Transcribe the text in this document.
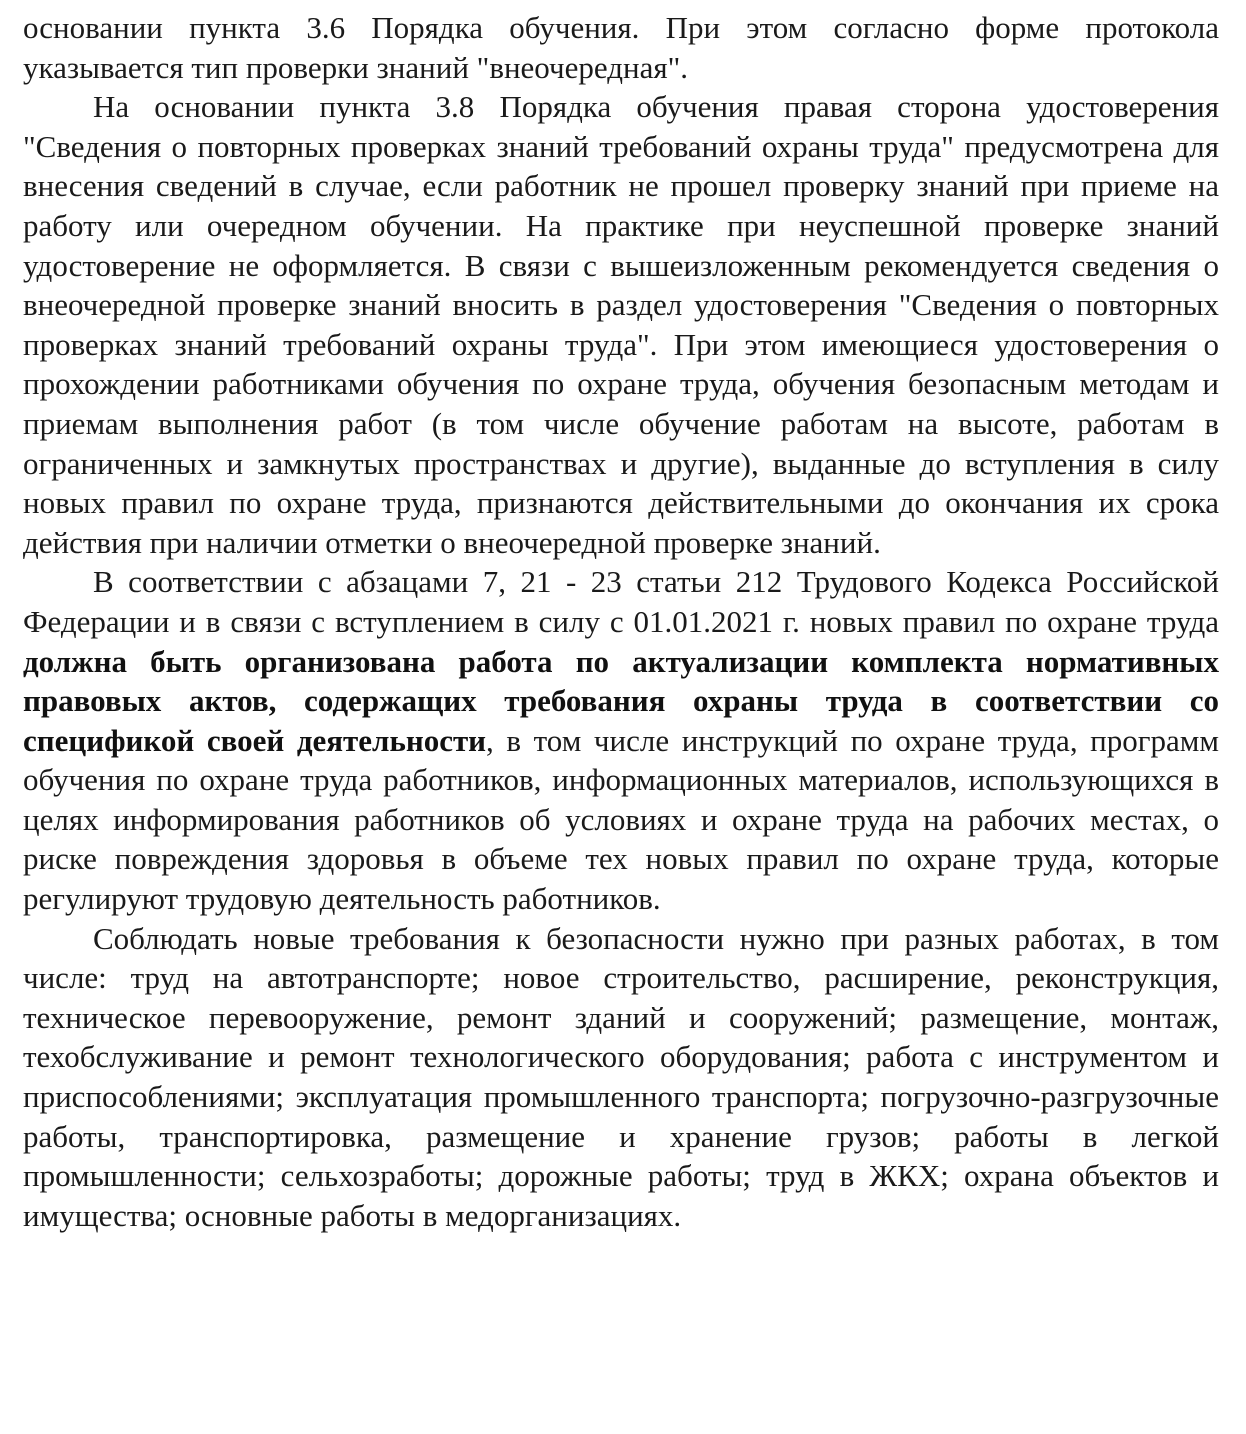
основании пункта 3.6 Порядка обучения. При этом согласно форме протокола указывается тип проверки знаний "внеочередная".

На основании пункта 3.8 Порядка обучения правая сторона удостоверения "Сведения о повторных проверках знаний требований охраны труда" предусмотрена для внесения сведений в случае, если работник не прошел проверку знаний при приеме на работу или очередном обучении. На практике при неуспешной проверке знаний удостоверение не оформляется. В связи с вышеизложенным рекомендуется сведения о внеочередной проверке знаний вносить в раздел удостоверения "Сведения о повторных проверках знаний требований охраны труда". При этом имеющиеся удостоверения о прохождении работниками обучения по охране труда, обучения безопасным методам и приемам выполнения работ (в том числе обучение работам на высоте, работам в ограниченных и замкнутых пространствах и другие), выданные до вступления в силу новых правил по охране труда, признаются действительными до окончания их срока действия при наличии отметки о внеочередной проверке знаний.

В соответствии с абзацами 7, 21 - 23 статьи 212 Трудового Кодекса Российской Федерации и в связи с вступлением в силу с 01.01.2021 г. новых правил по охране труда должна быть организована работа по актуализации комплекта нормативных правовых актов, содержащих требования охраны труда в соответствии со спецификой своей деятельности, в том числе инструкций по охране труда, программ обучения по охране труда работников, информационных материалов, использующихся в целях информирования работников об условиях и охране труда на рабочих местах, о риске повреждения здоровья в объеме тех новых правил по охране труда, которые регулируют трудовую деятельность работников.

Соблюдать новые требования к безопасности нужно при разных работах, в том числе: труд на автотранспорте; новое строительство, расширение, реконструкция, техническое перевооружение, ремонт зданий и сооружений; размещение, монтаж, техобслуживание и ремонт технологического оборудования; работа с инструментом и приспособлениями; эксплуатация промышленного транспорта; погрузочно-разгрузочные работы, транспортировка, размещение и хранение грузов; работы в легкой промышленности; сельхозработы; дорожные работы; труд в ЖКХ; охрана объектов и имущества; основные работы в медорганизациях.
